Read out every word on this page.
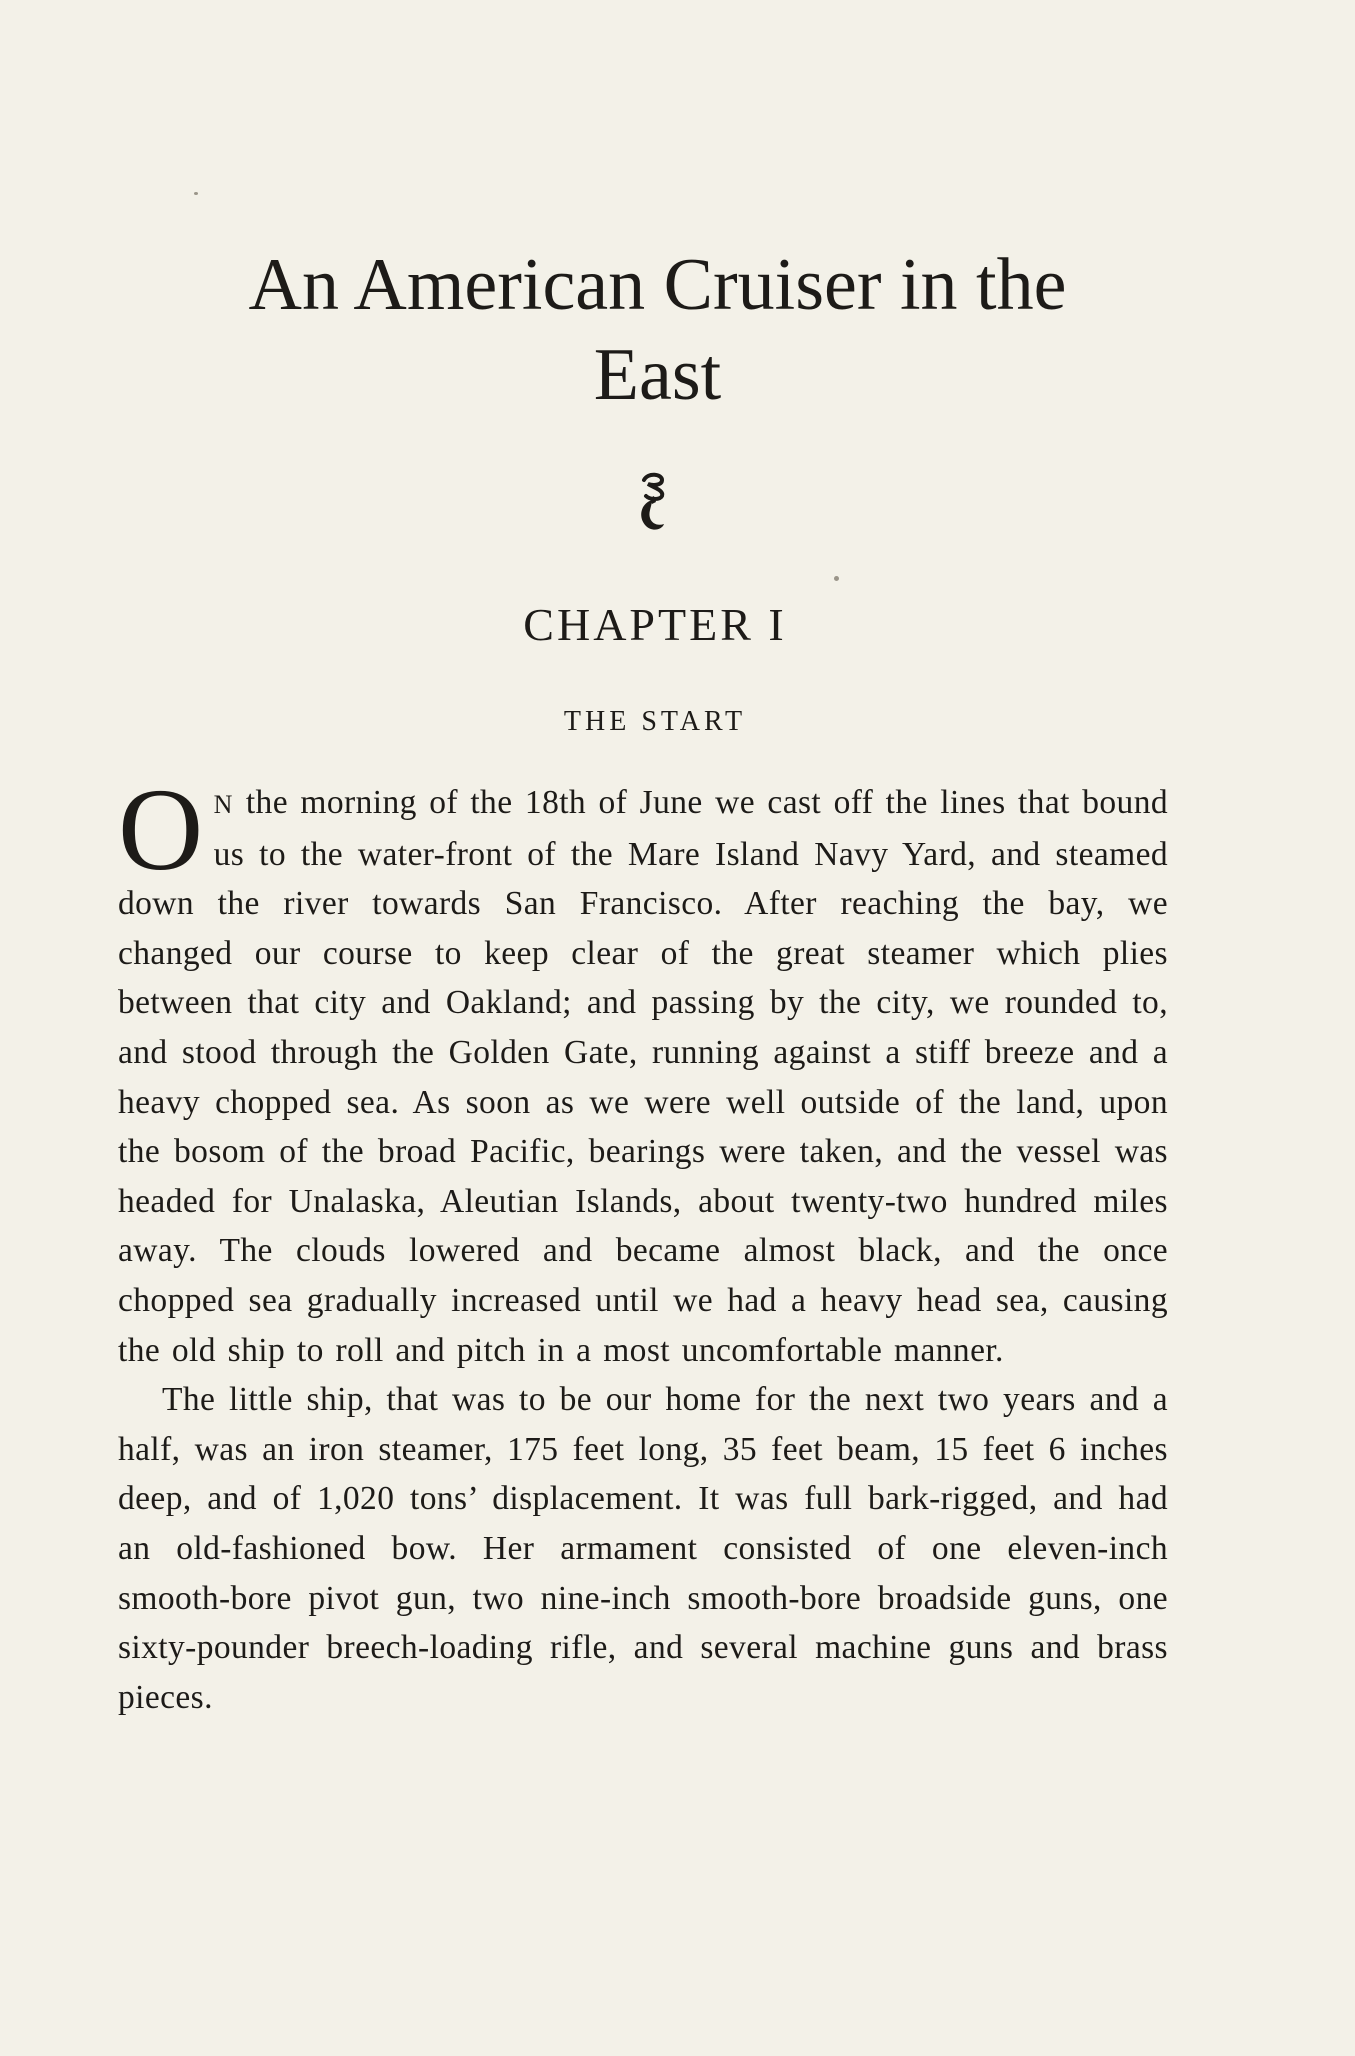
An American Cruiser in the
East
CHAPTER I
THE START

O N the morning of the 18th of June we cast off the lines that bound us to the water-front of the Mare Island Navy Yard, and steamed down the river towards San Francisco. After reaching the bay, we changed our course to keep clear of the great steamer which plies between that city and Oakland; and passing by the city, we rounded to, and stood through the Golden Gate, running against a stiff breeze and a heavy chopped sea. As soon as we were well outside of the land, upon the bosom of the broad Pacific, bearings were taken, and the vessel was headed for Unalaska, Aleutian Islands, about twenty-two hundred miles away. The clouds lowered and became almost black, and the once chopped sea gradually increased until we had a heavy head sea, causing the old ship to roll and pitch in a most uncomfortable manner.

The little ship, that was to be our home for the next two years and a half, was an iron steamer, 175 feet long, 35 feet beam, 15 feet 6 inches deep, and of 1,020 tons’ displacement. It was full bark-rigged, and had an old-fashioned bow. Her armament consisted of one eleven-inch smooth-bore pivot gun, two nine-inch smooth-bore broadside guns, one sixty-pounder breech-loading rifle, and several machine guns and brass pieces.
